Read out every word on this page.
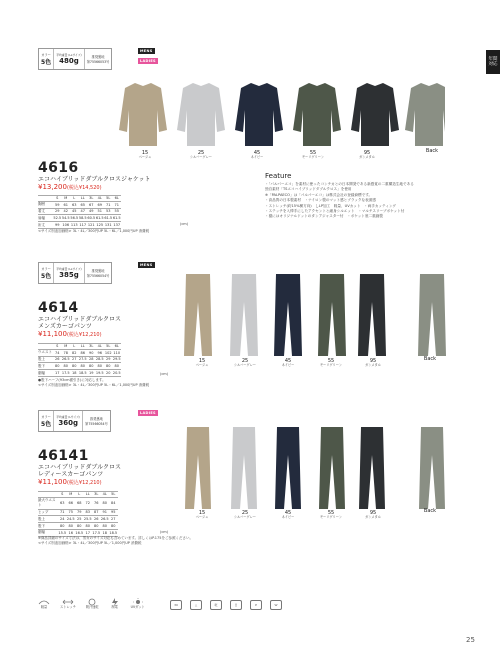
年間
対応
カラー
5色
平均重量 (LLサイズ)
480g	推奨裏地
第75566053号
MENS
LADIES
15
ベージュ
25
シルバーグレー
45
ネイビー
55
モーリグリーン
95
ガンメタル
Back
4616
エコハイブリッドダブルクロスジャケット
¥13,200(税込¥14,520)
	S	M	L	LL	3L	4L	5L	6L
胸囲	59	61	63	65	67	69	71	71
着丈	29	42	45	47	49	51	53	55
肩幅	52.5	54.5	56.5	58.5	60.5	61.5	61.5	61.5
裄丈	99	106	113	117	121	125	131	137	(cm)
<サイズ別追加価格> 3L・4L／300円UP 5L・6L／1,000円UP 消費税
Feature
・「パルパーエコ」を素材に使ったコンチカとの日本開発である新感覚の二重構造生地である
独自素材「TSエコハイブリッドダブルクロス」を使用
※「PALPAECO」は「パルパーエコ」は株式会社の登録商標です。
・高品質の日本製素材　・ナイロン製のマット感とブラックな表面感
・ストレッチ(約15%横方向)　しLP加工　軽量、UVカット　・両手カッティング
・ステッチを入棒手にしたアクセントと細身シルエット　・マルチスリーブポケット付
・裾にはオリジナルドットのタンアジャスター付　・ポケット底二重縫製
カラー
5色
平均重量 (LLサイズ)
385g	推奨裏地
第75566054号
MENS
15
ベージュ
25
シルバーグレー
45
ネイビー
55
モーリグリーン
95
ガンメタル
Back
4614
エコハイブリッドダブルクロス
メンズカーゴパンツ
¥11,100(税込¥12,210)
	S	M	L	LL	3L	4L	5L	6L
ウエスト	74	78	82	86	90	96	102	110
股上	26	26.5	27	27.5	28	28.5	29	29.5
股下	80	80	80	80	80	80	80	80
裾幅	17	17.5	18	18.5	19	19.5	20	20.5	(cm)
●股下ハーフ(93cm裾引き)に対応します。
<サイズ別追加価格> 3L・4L／300円UP 5L・6L／1,000円UP 消費税
カラー
5色
平均重量 (Lサイズ)
360g	推奨裏地
第75566054号
LADIES
15
ベージュ
25
シルバーグレー
45
ネイビー
55
モーリグリーン
95
ガンメタル
Back
46141
エコハイブリッドダブルクロス
レディースカーゴパンツ
¥11,100(税込¥12,210)
	S	M	L	LL	3L	4L	5L
最大ウエスト	63	66	68	72	76	80	84
ヒップ	71	75	79	83	87	91	95
股上	24	24.5	25	25.5	26	26.5	27
股下	80	80	80	80	80	80	80
裾幅	15.5	16	16.5	17	17.5	18	18.5	(cm)
※商品詳細のサイズ寸法は、男女のサイズ対応も含めています。詳しくはP.175をご参照ください。
<サイズ別追加価格> 3L・4L／300円UP 5L／1,000円UP 消費税
軽量	ストレッチ	吸汗速乾	制電	UVカット	30	△	乾	日	P	W
25
